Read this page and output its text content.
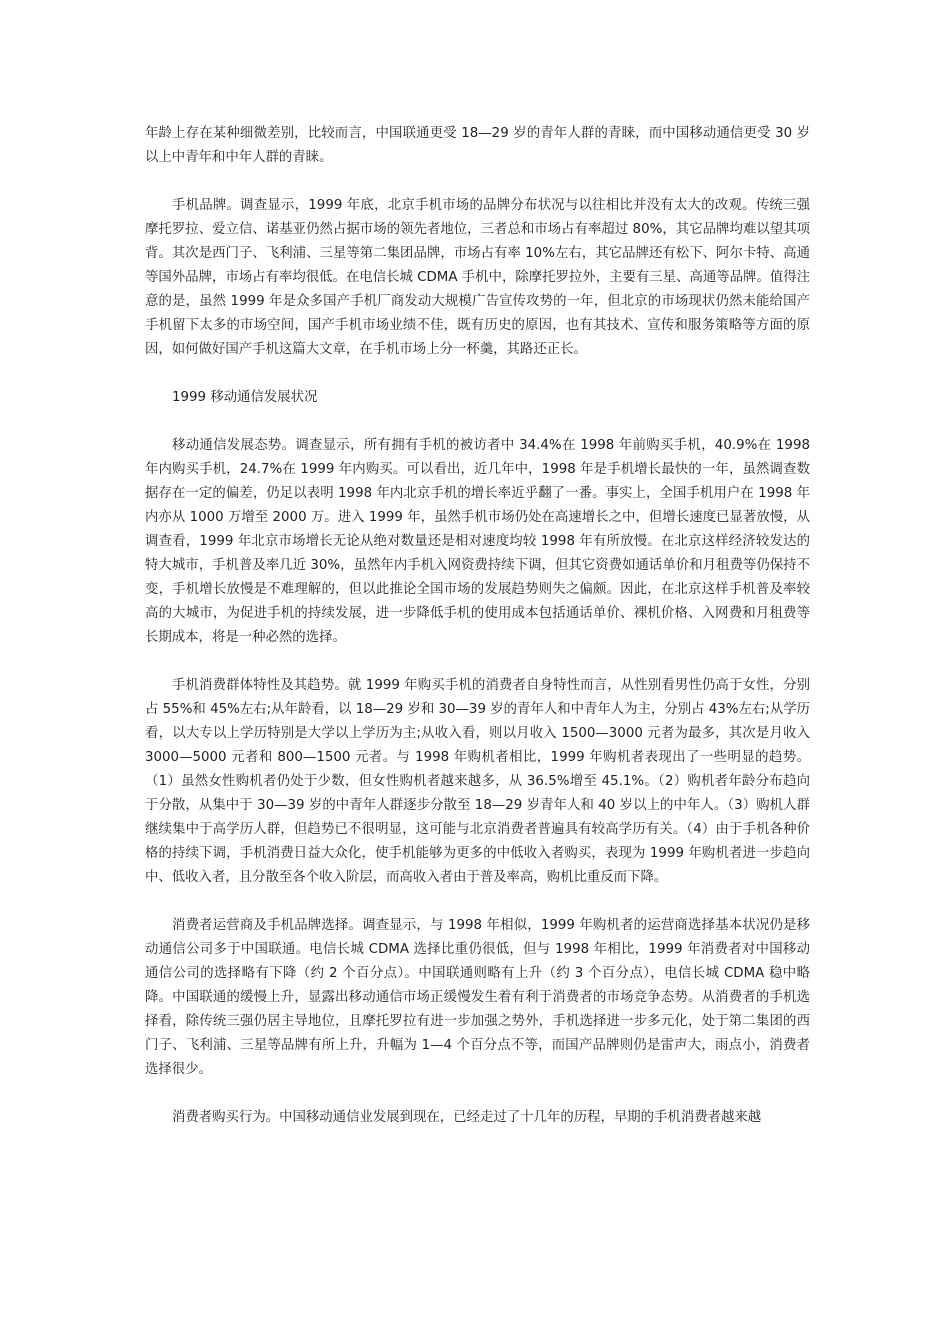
年龄上存在某种细微差别，比较而言，中国联通更受 18—29 岁的青年人群的青睐，而中国移动通信更受 30 岁以上中青年和中年人群的青睐。

手机品牌。调查显示，1999 年底，北京手机市场的品牌分布状况与以往相比并没有太大的改观。传统三强摩托罗拉、爱立信、诺基亚仍然占据市场的领先者地位，三者总和市场占有率超过 80%，其它品牌均难以望其项背。其次是西门子、飞利浦、三星等第二集团品牌，市场占有率 10%左右，其它品牌还有松下、阿尔卡特、高通等国外品牌，市场占有率均很低。在电信长城 CDMA 手机中，除摩托罗拉外，主要有三星、高通等品牌。值得注意的是，虽然 1999 年是众多国产手机厂商发动大规模广告宣传攻势的一年，但北京的市场现状仍然未能给国产手机留下太多的市场空间，国产手机市场业绩不佳，既有历史的原因，也有其技术、宣传和服务策略等方面的原因，如何做好国产手机这篇大文章，在手机市场上分一杯羹，其路还正长。

1999 移动通信发展状况

移动通信发展态势。调查显示，所有拥有手机的被访者中 34.4%在 1998 年前购买手机，40.9%在 1998 年内购买手机，24.7%在 1999 年内购买。可以看出，近几年中，1998 年是手机增长最快的一年，虽然调查数据存在一定的偏差，仍足以表明 1998 年内北京手机的增长率近乎翻了一番。事实上，全国手机用户在 1998 年内亦从 1000 万增至 2000 万。进入 1999 年，虽然手机市场仍处在高速增长之中，但增长速度已显著放慢，从调查看，1999 年北京市场增长无论从绝对数量还是相对速度均较 1998 年有所放慢。在北京这样经济较发达的特大城市，手机普及率几近 30%，虽然年内手机入网资费持续下调，但其它资费如通话单价和月租费等仍保持不变，手机增长放慢是不难理解的，但以此推论全国市场的发展趋势则失之偏颇。因此，在北京这样手机普及率较高的大城市，为促进手机的持续发展，进一步降低手机的使用成本包括通话单价、裸机价格、入网费和月租费等长期成本，将是一种必然的选择。

手机消费群体特性及其趋势。就 1999 年购买手机的消费者自身特性而言，从性别看男性仍高于女性，分别占 55%和 45%左右;从年龄看，以 18—29 岁和 30—39 岁的青年人和中青年人为主，分别占 43%左右;从学历看，以大专以上学历特别是大学以上学历为主;从收入看，则以月收入 1500—3000 元者为最多，其次是月收入 3000—5000 元者和 800—1500 元者。与 1998 年购机者相比，1999 年购机者表现出了一些明显的趋势。（1）虽然女性购机者仍处于少数，但女性购机者越来越多，从 36.5%增至 45.1%。（2）购机者年龄分布趋向于分散，从集中于 30—39 岁的中青年人群逐步分散至 18—29 岁青年人和 40 岁以上的中年人。（3）购机人群继续集中于高学历人群，但趋势已不很明显，这可能与北京消费者普遍具有较高学历有关。（4）由于手机各种价格的持续下调，手机消费日益大众化，使手机能够为更多的中低收入者购买，表现为 1999 年购机者进一步趋向中、低收入者，且分散至各个收入阶层，而高收入者由于普及率高，购机比重反而下降。

消费者运营商及手机品牌选择。调查显示，与 1998 年相似，1999 年购机者的运营商选择基本状况仍是移动通信公司多于中国联通。电信长城 CDMA 选择比重仍很低，但与 1998 年相比，1999 年消费者对中国移动通信公司的选择略有下降（约 2 个百分点）。中国联通则略有上升（约 3 个百分点），电信长城 CDMA 稳中略降。中国联通的缓慢上升，显露出移动通信市场正缓慢发生着有利于消费者的市场竞争态势。从消费者的手机选择看，除传统三强仍居主导地位，且摩托罗拉有进一步加强之势外，手机选择进一步多元化，处于第二集团的西门子、飞利浦、三星等品牌有所上升，升幅为 1—4 个百分点不等，而国产品牌则仍是雷声大，雨点小，消费者选择很少。

消费者购买行为。中国移动通信业发展到现在，已经走过了十几年的历程，早期的手机消费者越来越
